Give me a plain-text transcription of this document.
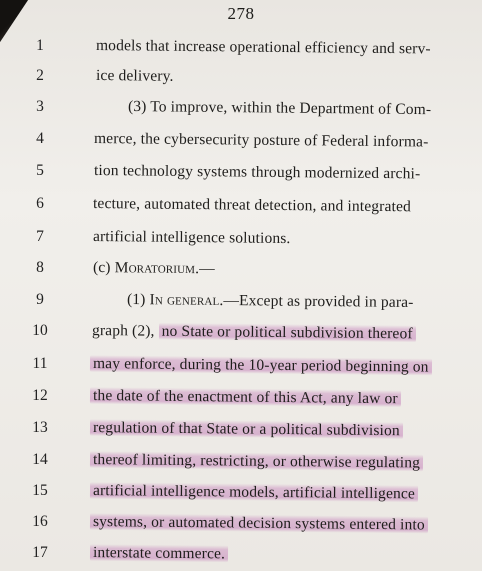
278
1
2
3
4
5
6
7
8
9
10
11
12
13
14
15
16
17
models that increase operational efficiency and serv-
ice delivery.
(3) To improve, within the Department of Com-
merce, the cybersecurity posture of Federal informa-
tion technology systems through modernized archi-
tecture, automated threat detection, and integrated
artificial intelligence solutions.
(c) Moratorium.—
(1) In general.—Except as provided in para-
graph (2), no State or political subdivision thereof
may enforce, during the 10-year period beginning on
the date of the enactment of this Act, any law or
regulation of that State or a political subdivision
thereof limiting, restricting, or otherwise regulating
artificial intelligence models, artificial intelligence
systems, or automated decision systems entered into
interstate commerce.
